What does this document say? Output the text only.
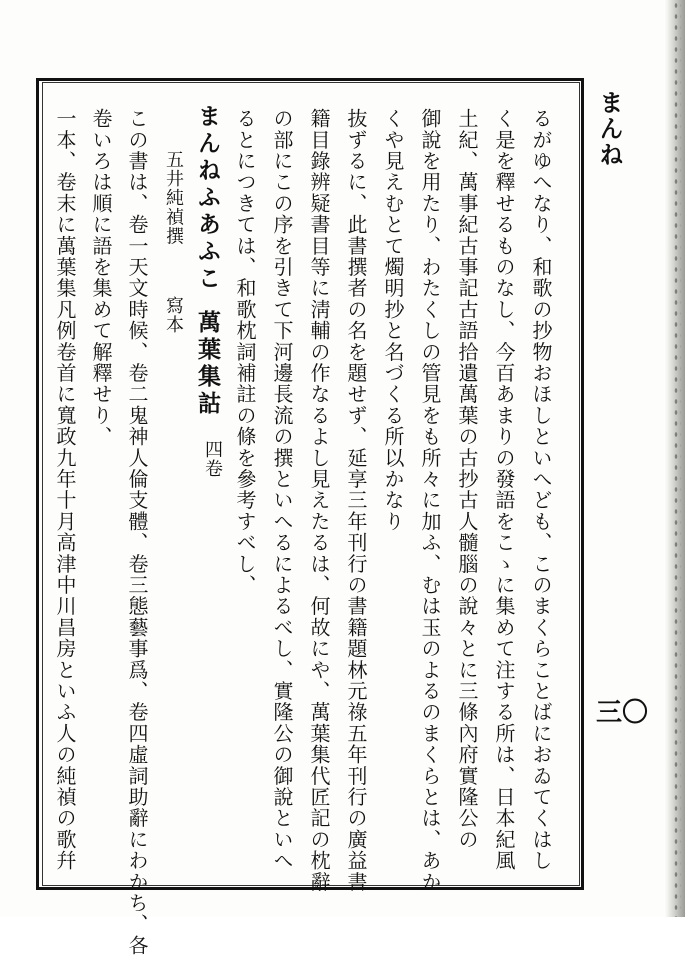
まんね
三〇
るがゆへなり、和歌の抄物おほしといへども、このまくらことばにおゐてくはし
く是を釋せるものなし、今百あまりの發語をこゝに集めて注する所は、日本紀風
土紀、萬事紀古事記古語拾遺萬葉の古抄古人髓腦の說々とに三條內府實隆公の
御說を用たり、わたくしの管見をも所々に加ふ、むは玉のよるのまくらとは、あか
くや見えむとて燭明抄と名づくる所以かなり
抜ずるに、此書撰者の名を題せず、延享三年刊行の書籍題林元祿五年刊行の廣益書
籍目錄辨疑書目等に淸輔の作なるよし見えたるは、何故にや、萬葉集代匠記の枕辭
の部にこの序を引きて下河邊長流の撰といへるによるべし、實隆公の御說といへ
るとにつきては、和歌枕詞補註の條を參考すべし、
まんねふあふこ
萬葉集詁
四卷
五井純禎撰
寫本
この書は、卷一天文時候、卷二鬼神人倫支體、卷三態藝事爲、卷四虛詞助辭にわかち、各
卷いろは順に語を集めて解釋せり、
一本、卷末に萬葉集凡例卷首に寬政九年十月高津中川昌房といふ人の純禎の歌幷
